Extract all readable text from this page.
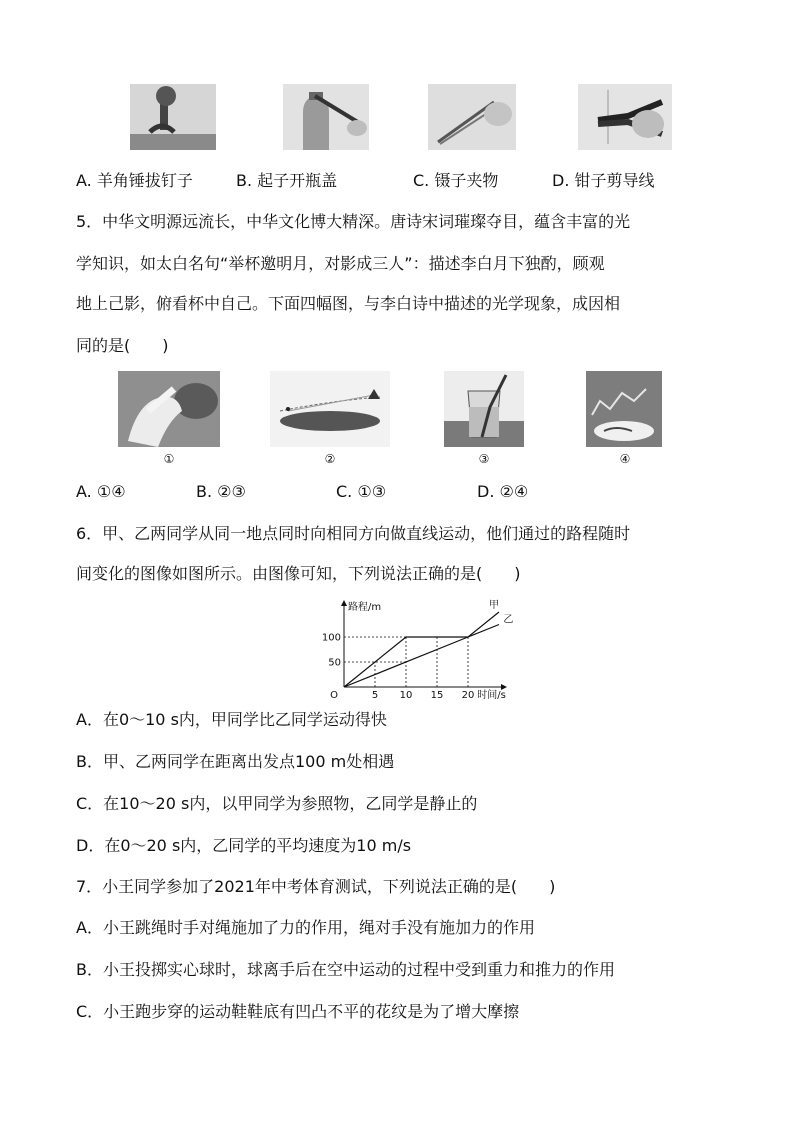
A. 羊角锤拔钉子	B. 起子开瓶盖	C. 镊子夹物	D. 钳子剪导线
5．中华文明源远流长，中华文化博大精深。唐诗宋词璀璨夺目，蕴含丰富的光
学知识，如太白名句“举杯邀明月，对影成三人”：描述李白月下独酌，顾观
地上己影，俯看杯中自己。下面四幅图，与李白诗中描述的光学现象，成因相
同的是(　　)
①	②	③	④
A. ①④	B. ②③	C. ①③	D. ②④
6．甲、乙两同学从同一地点同时向相同方向做直线运动，他们通过的路程随时
间变化的图像如图所示。由图像可知，下列说法正确的是(　　)
5 10 15 20
50
100
O
路程/m
时间/s
甲
乙
A．在0～10 s内，甲同学比乙同学运动得快
B．甲、乙两同学在距离出发点100 m处相遇
C．在10～20 s内，以甲同学为参照物，乙同学是静止的
D．在0～20 s内，乙同学的平均速度为10 m/s
7．小王同学参加了2021年中考体育测试，下列说法正确的是(　　)
A．小王跳绳时手对绳施加了力的作用，绳对手没有施加力的作用
B．小王投掷实心球时，球离手后在空中运动的过程中受到重力和推力的作用
C．小王跑步穿的运动鞋鞋底有凹凸不平的花纹是为了增大摩擦
